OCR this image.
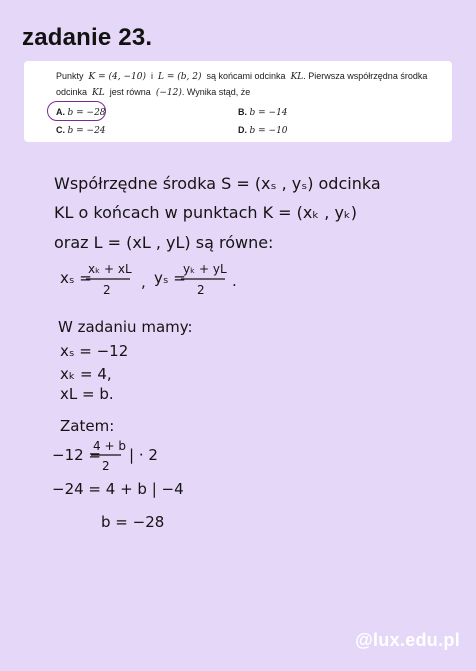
zadanie 23.
Punkty K = (4, −10) i L = (b, 2) są końcami odcinka KL. Pierwsza współrzędna środka odcinka KL jest równa (−12). Wynika stąd, że
A. b = −28	B. b = −14
C. b = −24	D. b = −10
Współrzędne środka S = (xₛ , yₛ) odcinka
KL o końcach w punktach K = (xₖ , yₖ)
oraz L = (xL , yL) są równe:
xₛ =
xₖ + xL
2 , yₛ =
yₖ + yL
2 .
W zadaniu mamy:
xₛ = −12
xₖ = 4,
xL = b.
Zatem:
−12 =
4 + b
2
| · 2
−24 = 4 + b | −4
b = −28
@lux.edu.pl
